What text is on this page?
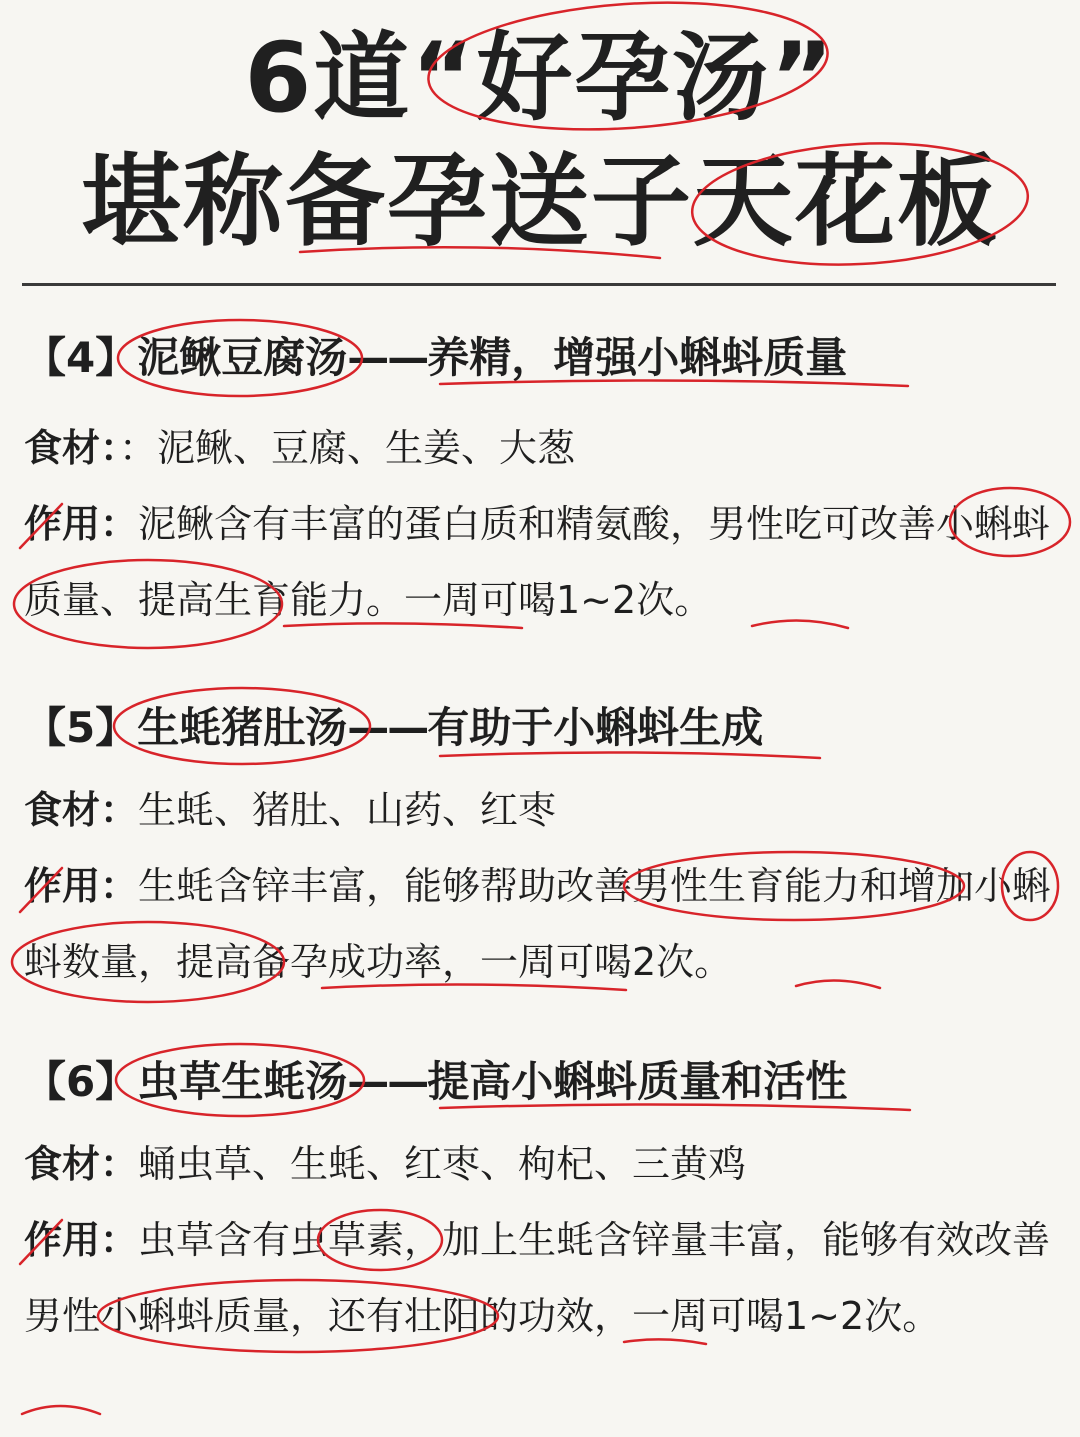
6道“好孕汤”
堪称备孕送子天花板
【4】泥鳅豆腐汤——养精，增强小蝌蚪质量
食材：：泥鳅、豆腐、生姜、大葱
作用：泥鳅含有丰富的蛋白质和精氨酸，男性吃可改善小蝌蚪质量、提高生育能力。一周可喝1~2次。
【5】生蚝猪肚汤——有助于小蝌蚪生成
食材：生蚝、猪肚、山药、红枣
作用：生蚝含锌丰富，能够帮助改善男性生育能力和增加小蝌蚪数量，提高备孕成功率，一周可喝2次。
【6】虫草生蚝汤——提高小蝌蚪质量和活性
食材：蛹虫草、生蚝、红枣、枸杞、三黄鸡
作用：虫草含有虫草素，加上生蚝含锌量丰富，能够有效改善男性小蝌蚪质量，还有壮阳的功效，一周可喝1~2次。
